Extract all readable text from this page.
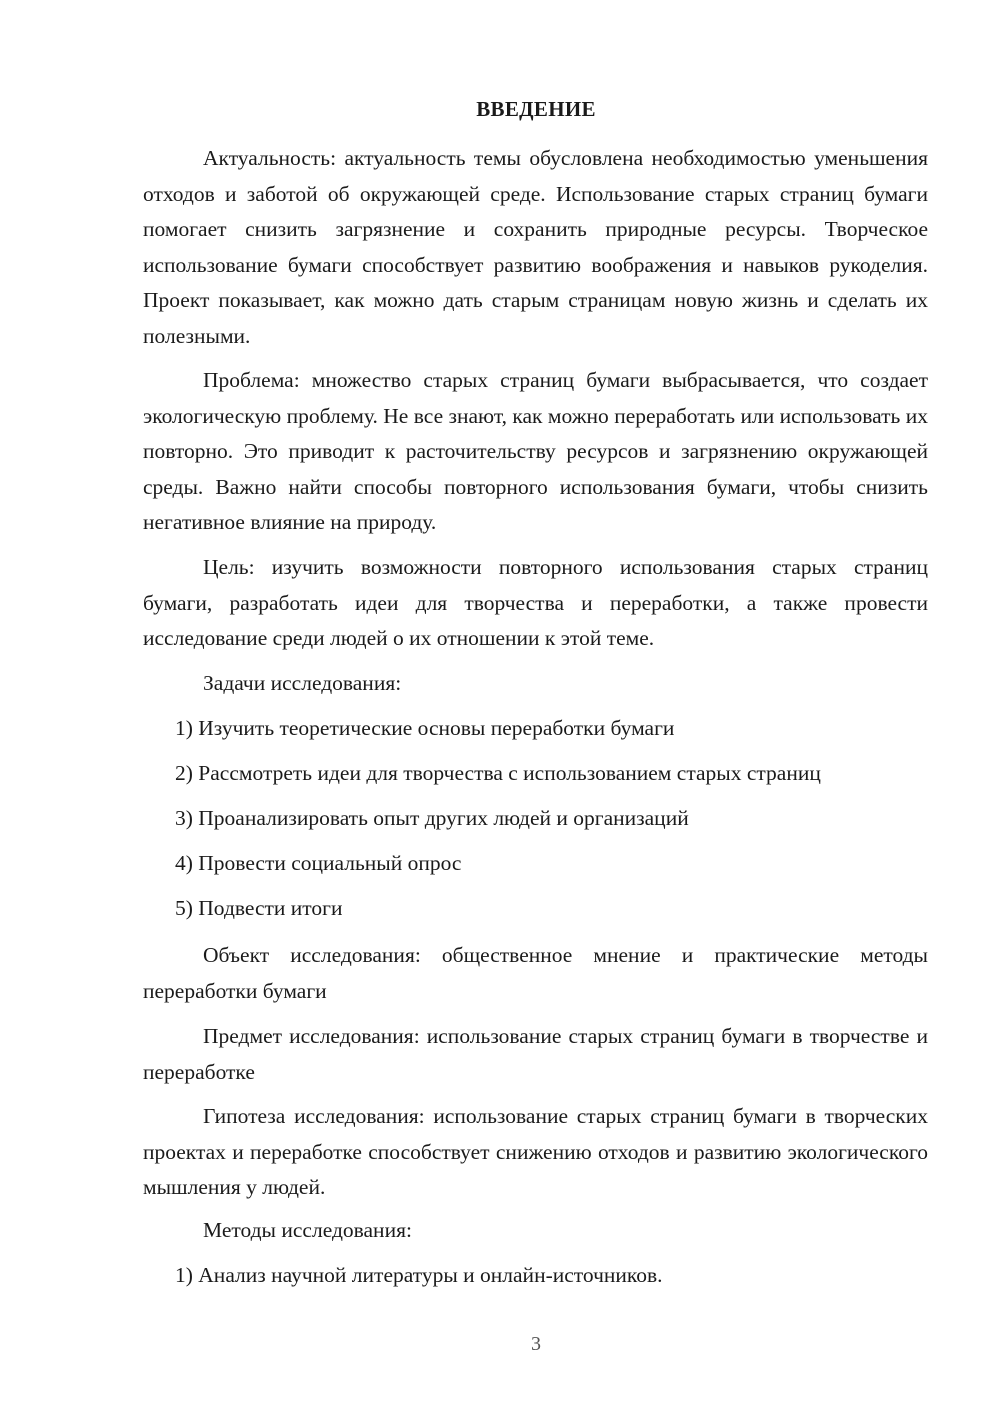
ВВЕДЕНИЕ

Актуальность: актуальность темы обусловлена необходимостью уменьшения отходов и заботой об окружающей среде. Использование старых страниц бумаги помогает снизить загрязнение и сохранить природные ресурсы. Творческое использование бумаги способствует развитию воображения и навыков рукоделия. Проект показывает, как можно дать старым страницам новую жизнь и сделать их полезными.

Проблема: множество старых страниц бумаги выбрасывается, что создает экологическую проблему. Не все знают, как можно переработать или использовать их повторно. Это приводит к расточительству ресурсов и загрязнению окружающей среды. Важно найти способы повторного использования бумаги, чтобы снизить негативное влияние на природу.

Цель: изучить возможности повторного использования старых страниц бумаги, разработать идеи для творчества и переработки, а также провести исследование среди людей о их отношении к этой теме.

Задачи исследования:

1) Изучить теоретические основы переработки бумаги

2) Рассмотреть идеи для творчества с использованием старых страниц

3) Проанализировать опыт других людей и организаций

4) Провести социальный опрос

5) Подвести итоги

Объект исследования: общественное мнение и практические методы переработки бумаги

Предмет исследования: использование старых страниц бумаги в творчестве и переработке

Гипотеза исследования: использование старых страниц бумаги в творческих проектах и переработке способствует снижению отходов и развитию экологического мышления у людей.

Методы исследования:

1) Анализ научной литературы и онлайн-источников.

3
